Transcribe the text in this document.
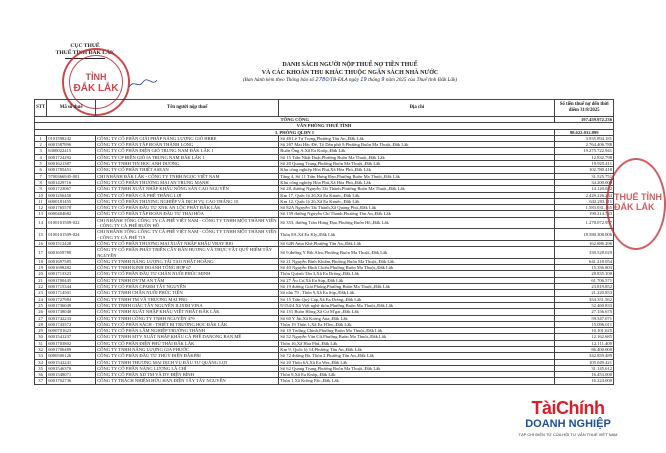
CỤC THUẾ
THUẾ TỈNH ĐẮK LẮK
TỈNH
ĐẮK LẮK
DANH SÁCH NGƯỜI NỘP THUẾ NỢ TIỀN THUẾ
VÀ CÁC KHOẢN THU KHÁC THUỘC NGÂN SÁCH NHÀ NƯỚC
(Ban hành kèm theo Thông báo số 2780/TB-ĐLA ngày 19 tháng 9 năm 2025 của Thuế tỉnh Đắk Lắk)
STT	Mã số thuế	Tên người nộp thuế	Địa chỉ	Số tiền thuế nợ đến thời điểm 31/8/2025
TỔNG CỘNG				197.459.972.236
VĂN PHÒNG THUẾ TỈNH				
I. PHÒNG QLDN 1				98.622.032.899
1	0101598242	CÔNG TY CỔ PHẦN GIẢI PHÁP NĂNG LƯỢNG GIÓ HBRE	Số 48 Lê Tự Trọng,Phường Tân An,,Đắk Lắk	3.935.894.181
2	6001587896	CÔNG TY CỔ PHẦN TẬP ĐOÀN THÀNH LONG	Số 267 Mai Hắc Đế, Tổ Dân phố 9,Phường Buôn Ma Thuột,,Đắk Lắk	2.764.406.788
3	6300022415	CÔNG TY CỔ PHẦN ĐIỆN GIÓ TRUNG NAM ĐẮK LẮK 1	Buôn Ông A,Xã Ea Knốp,,Đắk Lắk	19.275.722.941
4	6001724292	CÔNG TY CP ĐIỆN GIÓ IA TRUNG NAM ĐẮK LẮK 1	Số 15 Trần Nhật Duật,Phường Buôn Ma Thuột,,Đắk Lắk	12.832.798
5	6001621387	CÔNG TY TNHH TIN HỌC ANH DƯƠNG	Số 20 Quang Trung,Phường Buôn Ma Thuột,,Đắk Lắk	19.925.411
6	6001705451	CÔNG TY CỔ PHẦN THIẾT ASEAN	Khu công nghiệp Hòa Phú,Xã Hòa Phú,,Đắk Lắk	102.780.418
7	5700366945-001	CHI NHÁNH ĐẮK LẮK - CÔNG TY TNHH NGỌC VIỆT NAM	Tầng 4, Số 11 Trần Hưng Đạo,Phường Buôn Ma Thuột,,Đắk Lắk	31.525.751
8	6001429716	CÔNG TY CỔ PHẦN THƯƠNG MẠI AN TRUNG MẠNH	Khu công nghiệp Hòa Phú,Xã Hòa Phú,,Đắk Lắk	34.200.000
9	6001723067	CÔNG TY TNHH XUẤT NHẬP KHẨU NÔNG SẢN CAO NGUYÊN	Số 28, đường Nguyễn Tất Thành,Phường Buôn Ma Thuột,,Đắk Lắk	14.120.022
10	6001256450	CÔNG TY CỔ PHẦN CÀ PHÊ THẮNG LỢI	Km 17, Quốc lộ 26,Xã Ea Knuêc,,Đắk Lắk	2.429.226.234
11	6000181455	CÔNG TY CỔ PHẦN THƯƠNG NGHIỆP VÀ DỊCH VỤ CAO THÁNG 10	Km 12, Quốc lộ 26,Xã Ea Knuêc,,Đắk Lắk	642.203.111
12	6001765570	CÔNG TY CỔ PHẦN ĐẦU TƯ XNK AN LỘC PHÁT ĐẮK LẮK	Số 82A Nguyễn Tất Thành,Xã Quảng Phú,,Đắk Lắk	1.583.031.165
13	6000404682	CÔNG TY CỔ PHẦN TẬP ĐOÀN ĐẦU TƯ THAI HÒA	Số 159 đường Nguyễn Chí Thanh,Phường Tân An,,Đắk Lắk	190.214.733
14	0100101509-022	CHI NHÁNH TỔNG CÔNG TY CÀ PHÊ VIỆT NAM - CÔNG TY TNHH MỘT THÀNH VIÊN - CÔNG TY CÀ PHÊ BUÔN HỒ	Số 353, đường Trần Hưng Đạo,Phường Buôn Hồ,,Đắk Lắk	1.278.072.957
15	0100101509-024	CHI NHÁNH TỔNG CÔNG TY CÀ PHÊ VIỆT NAM - CÔNG TY TNHH MỘT THÀNH VIÊN - CÔNG TY CÀ PHÊ 719	Thôn 8A,Xã Ea Kly,,Đắk Lắk	18.580.308.006
16	6001512428	CÔNG TY CỔ PHẦN THƯƠNG MẠI XUẤT NHẬP KHẨU VBAY BIO	Số 62B Ama Khê,Phường Tân An,,Đắk Lắk	162.886.296
17	6001659780	CÔNG TY CỔ PHẦN PHÁT TRIỂN CÂY ĐÀN HƯƠNG VÀ THỰC VẬT QUÝ HIẾM TÂY NGUYÊN	Số 9,đường Y Bih Aleo,Phường Buôn Ma Thuột,,Đắk Lắk	339.528.029
18	6001697585	CÔNG TY TNHH NĂNG LƯỢNG TÁI TẠO NHẬT HOÀNG	Số 21 Nguyễn Bỉnh Khiêm,Phường Buôn Ma Thuột,,Đắk Lắk	641.218.054
19	6001698282	CÔNG TY TNHH KINH DOANH TỔNG HỢP 67	Số 40 Nguyễn Đình Chiểu,Phường Buôn Ma Thuột,,Đắk Lắk	15.356.803
20	6001713323	CÔNG TY CỔ PHẦN ĐẦU TƯ CHĂN NUÔI PHÚC MINH	Thôn Quỳnh Tân 3,Xã Ea Drông,,Đắk Lắk	28.835.100
21	6001700445	CÔNG TY TNHH DVTM AN TÂM	Số 27 Âu Cơ,Xã Ea Súp,,Đắk Lắk	61.706.571
22	6001715344	CÔNG TY CỔ PHẦN CPARM TÂY NGUYÊN	Số 19 đường Giải Phóng,Phường Buôn Ma Thuột,,Đắk Lắk	23.819.852
23	6001714501	CÔNG TY TNHH CHẬN NUÔI PHÚC TIẾN	Số nhà 79 , Thôn 9,Xã Ea Súp,,Đắk Lắk	21.220.853
24	6001727984	CÔNG TY TNHH TM VÀ THƯƠNG MẠI PRO	Số 15 Trần Quý Cáp,Xã Ea Drăng,,Đắk Lắk	354.351.562
25	6001736049	CÔNG TY TNHH GIÁC TÂY NGUYÊN ILIXIM VINA	9/154/4 Xã Việt nghệ thôn,Phường Buôn Ma Thuột,,Đắk Lắk	52.460.833
26	6001738048	CÔNG TY TNHH XUẤT NHẬP KHẨU VIỆT NHẬT ĐẮK LẮK	Số 151 Buôn Hồng,Xã Cư M'gar,,Đắk Lắk	27.156.675
27	6001742233	CÔNG TY TNHH CÔNG TY TNHH NGUYÊN 479	Số 60 Y Jút,Xã Krông Ana,,Đắk Lắk	59.347.071
28	6001743572	CÔNG TY CỔ PHẦN SÁCH - THIẾT BỊ TRƯỜNG HỌC ĐẮK LẮK	Thôn 19 Thôn 1,Xã Ea H'leo,,Đắk Lắk	15.096.011
29	6000701623	CÔNG TY CỔ PHẦN LÂM NGHIỆP TRƯỜNG THÀNH	Số 19 Trường Chinh,Phường Buôn Ma Thuột,,Đắk Lắk	10.101.625
30	6001541237	CÔNG TY TNHH MTV XUẤT NHẬP KHẨU CÀ PHÊ DANONG BAN MÊ	Số 52 Nguyễn Văn Cừ,Phường Buôn Ma Thuột,,Đắk Lắk	12.162.685
31	6001703802	CÔNG TY CỔ PHẦN ĐIỆN PHÚ THÁI ĐẮK LẮK	Thôn 16,Xã Hòa Phú,,Đắk Lắk	12.111.400
32	6001706489	CÔNG TY TNHH NĂNG LƯỢNG GIA PHƯỚC	Km 9, Quốc lộ 14,Phường Tân An,,Đắk Lắk	86.400.000
33	6000500126	CÔNG TY CỔ PHẦN ĐẦU TƯ THỦY ĐIỆN ĐẮKPRI	Số 72 đường Bà, Thôn 2,Phường Tân An,,Đắk Lắk	342.859.489
34	6001542241	CÔNG TY TNHH THƯƠNG MẠI DỊCH VỤ ĐẦU TƯ QUẢNG LỢI	Số 20 Thôn 6A,Xã Ea Wer,,Đắk Lắk	105.049.421
35	6001546370	CÔNG TY CỔ PHẦN NĂNG LƯỢNG LÀ CHÍ	Số 62 Quang Trung,Phường Buôn Ma Thuột,,Đắk Lắk	31.145.612
36	6001548071	CÔNG TY CỔ PHẦN XD TM VÀ DV ĐIỆN BÌNH	Thôn 9,Xã Ea Knốp,,Đắk Lắk	16.453.000
37	6001702736	CÔNG TY TRÁCH NHIỆM HỮU HẠN ĐIỆN TÂY TÂY NGUYÊN	Thôn 1,Xã Krông Pắc,,Đắk Lắk	16.224.000
THUẾ TỈNH ĐẮK LẮK
TàiChính
DOANH NGHIỆP
TẠP CHÍ ĐIỆN TỬ CỦA HỘI TƯ VẤN THUẾ VIỆT NAM
